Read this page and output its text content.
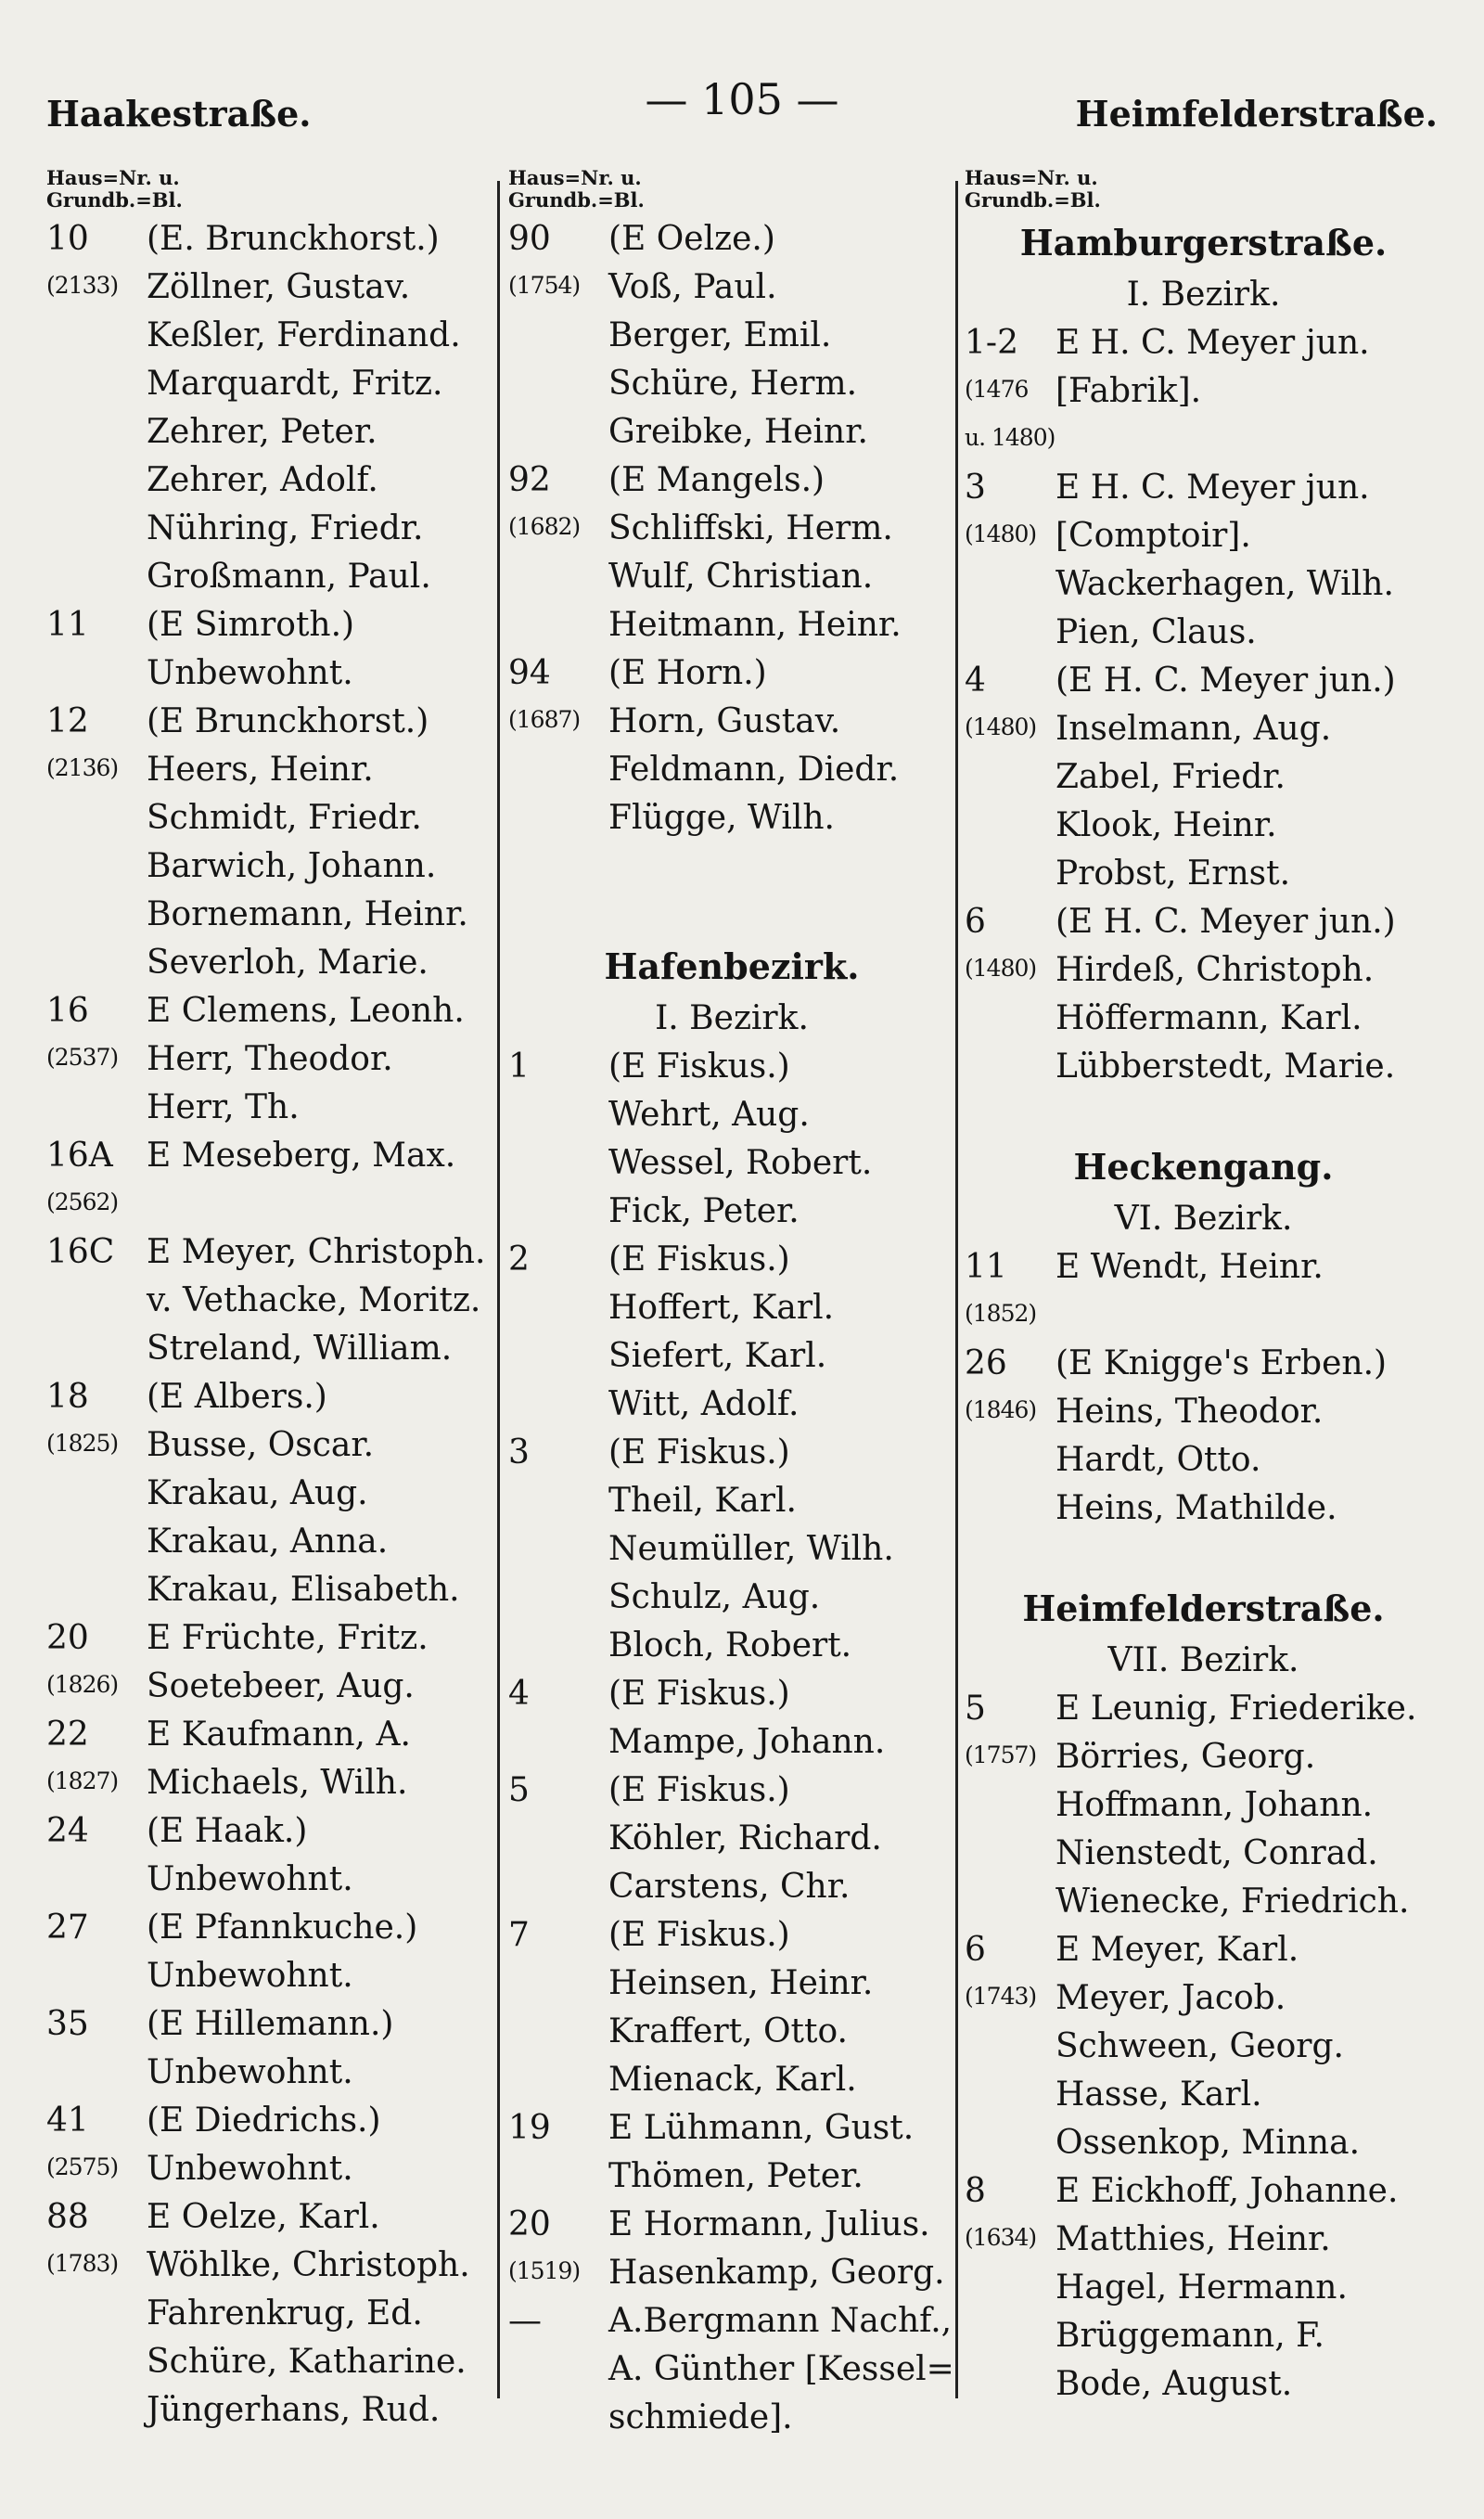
Haakestraße.	— 105 —	Heimfelderstraße.
Haus=Nr. u.
Grundb.=Bl.
10	(E. Brunckhorst.)
(2133) Zöllner, Gustav.
Keßler, Ferdinand.
Marquardt, Fritz.
Zehrer, Peter.
Zehrer, Adolf.
Nühring, Friedr.
Großmann, Paul.
11	(E Simroth.)
Unbewohnt.
12	(E Brunckhorst.)
(2136) Heers, Heinr.
Schmidt, Friedr.
Barwich, Johann.
Bornemann, Heinr.
Severloh, Marie.
16	E Clemens, Leonh.
(2537) Herr, Theodor.
Herr, Th.
16A	E Meseberg, Max.
(2562)
16C E Meyer, Christoph.
v. Vethacke, Moritz.
Streland, William.
18	(E Albers.)
(1825) Busse, Oscar.
Krakau, Aug.
Krakau, Anna.
Krakau, Elisabeth.
20	E Früchte, Fritz.
(1826) Soetebeer, Aug.
22	E Kaufmann, A.
(1827) Michaels, Wilh.
24	(E Haak.)
Unbewohnt.
27	(E Pfannkuche.)
Unbewohnt.
35	(E Hillemann.)
Unbewohnt.
41	(E Diedrichs.)
(2575) Unbewohnt.
88	E Oelze, Karl.
(1783) Wöhlke, Christoph.
Fahrenkrug, Ed.
Schüre, Katharine.
Jüngerhans, Rud.
Haus=Nr. u.
Grundb.=Bl.
90	(E Oelze.)
(1754) Voß, Paul.
Berger, Emil.
Schüre, Herm.
Greibke, Heinr.
92	(E Mangels.)
(1682) Schliffski, Herm.
Wulf, Christian.
Heitmann, Heinr.
94	(E Horn.)
(1687) Horn, Gustav.
Feldmann, Diedr.
Flügge, Wilh.
Hafenbezirk.
I. Bezirk.
1	(E Fiskus.)
Wehrt, Aug.
Wessel, Robert.
Fick, Peter.
2	(E Fiskus.)
Hoffert, Karl.
Siefert, Karl.
Witt, Adolf.
3	(E Fiskus.)
Theil, Karl.
Neumüller, Wilh.
Schulz, Aug.
Bloch, Robert.
4	(E Fiskus.)
Mampe, Johann.
5	(E Fiskus.)
Köhler, Richard.
Carstens, Chr.
7	(E Fiskus.)
Heinsen, Heinr.
Kraffert, Otto.
Mienack, Karl.
19	E Lühmann, Gust.
Thömen, Peter.
20	E Hormann, Julius.
(1519) Hasenkamp, Georg.
—	A.Bergmann Nachf.,
A. Günther [Kessel=
schmiede].
Haus=Nr. u.
Grundb.=Bl.
Hamburgerstraße.
I. Bezirk.
1-2	E H. C. Meyer jun.
(1476 [Fabrik].
u. 1480)
3	E H. C. Meyer jun.
(1480) [Comptoir].
Wackerhagen, Wilh.
Pien, Claus.
4	(E H. C. Meyer jun.)
(1480) Inselmann, Aug.
Zabel, Friedr.
Klook, Heinr.
Probst, Ernst.
6	(E H. C. Meyer jun.)
(1480) Hirdeß, Christoph.
Höffermann, Karl.
Lübberstedt, Marie.
Heckengang.
VI. Bezirk.
11	E Wendt, Heinr.
(1852)
26	(E Knigge's Erben.)
(1846) Heins, Theodor.
Hardt, Otto.
Heins, Mathilde.
Heimfelderstraße.
VII. Bezirk.
5	E Leunig, Friederike.
(1757) Börries, Georg.
Hoffmann, Johann.
Nienstedt, Conrad.
Wienecke, Friedrich.
6	E Meyer, Karl.
(1743) Meyer, Jacob.
Schween, Georg.
Hasse, Karl.
Ossenkop, Minna.
8	E Eickhoff, Johanne.
(1634) Matthies, Heinr.
Hagel, Hermann.
Brüggemann, F.
Bode, August.
